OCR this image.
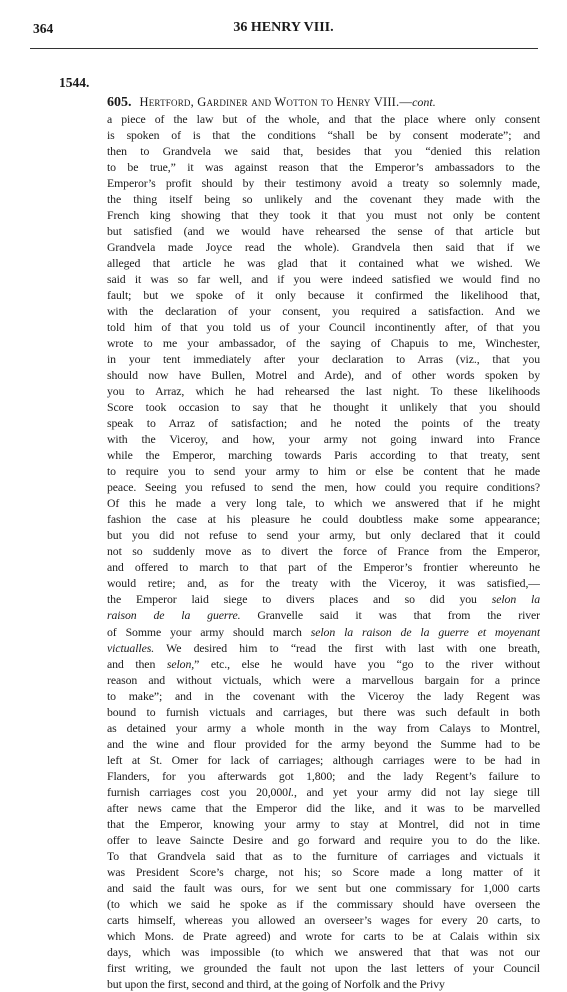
364	36 HENRY VIII.
1544.
605. Hertford, Gardiner and Wotton to Henry VIII.—cont.
a piece of the law but of the whole, and that the place where only consent
is spoken of is that the conditions “shall be by consent moderate”; and
then to Grandvela we said that, besides that you “denied this relation
to be true,” it was against reason that the Emperor’s ambassadors to the
Emperor’s profit should by their testimony avoid a treaty so solemnly made,
the thing itself being so unlikely and the covenant they made with the
French king showing that they took it that you must not only be content
but satisfied (and we would have rehearsed the sense of that article but
Grandvela made Joyce read the whole). Grandvela then said that if we
alleged that article he was glad that it contained what we wished. We
said it was so far well, and if you were indeed satisfied we would find no
fault; but we spoke of it only because it confirmed the likelihood that,
with the declaration of your consent, you required a satisfaction. And we
told him of that you told us of your Council incontinently after, of that you
wrote to me your ambassador, of the saying of Chapuis to me, Winchester,
in your tent immediately after your declaration to Arras (viz., that you
should now have Bullen, Motrel and Arde), and of other words spoken by
you to Arraz, which he had rehearsed the last night. To these likelihoods
Score took occasion to say that he thought it unlikely that you should
speak to Arraz of satisfaction; and he noted the points of the treaty
with the Viceroy, and how, your army not going inward into France
while the Emperor, marching towards Paris according to that treaty, sent
to require you to send your army to him or else be content that he made
peace. Seeing you refused to send the men, how could you require conditions?
Of this he made a very long tale, to which we answered that if he might
fashion the case at his pleasure he could doubtless make some appearance;
but you did not refuse to send your army, but only declared that it could
not so suddenly move as to divert the force of France from the Emperor,
and offered to march to that part of the Emperor’s frontier whereunto he
would retire; and, as for the treaty with the Viceroy, it was satisfied,—
the Emperor laid siege to divers places and so did you selon la
raison de la guerre. Granvelle said it was that from the river
of Somme your army should march selon la raison de la guerre et moyenant
victualles. We desired him to “read the first with last with one breath,
and then selon,” etc., else he would have you “go to the river without
reason and without victuals, which were a marvellous bargain for a prince
to make”; and in the covenant with the Viceroy the lady Regent was
bound to furnish victuals and carriages, but there was such default in both
as detained your army a whole month in the way from Calays to Montrel,
and the wine and flour provided for the army beyond the Summe had to be
left at St. Omer for lack of carriages; although carriages were to be had in
Flanders, for you afterwards got 1,800; and the lady Regent’s failure to
furnish carriages cost you 20,000l., and yet your army did not lay siege till
after news came that the Emperor did the like, and it was to be marvelled
that the Emperor, knowing your army to stay at Montrel, did not in time
offer to leave Saincte Desire and go forward and require you to do the like.
To that Grandvela said that as to the furniture of carriages and victuals it
was President Score’s charge, not his; so Score made a long matter of it
and said the fault was ours, for we sent but one commissary for 1,000 carts
(to which we said he spoke as if the commissary should have overseen the
carts himself, whereas you allowed an overseer’s wages for every 20 carts, to
which Mons. de Prate agreed) and wrote for carts to be at Calais within six
days, which was impossible (to which we answered that that was not our
first writing, we grounded the fault not upon the last letters of your Council
but upon the first, second and third, at the going of Norfolk and the Privy
